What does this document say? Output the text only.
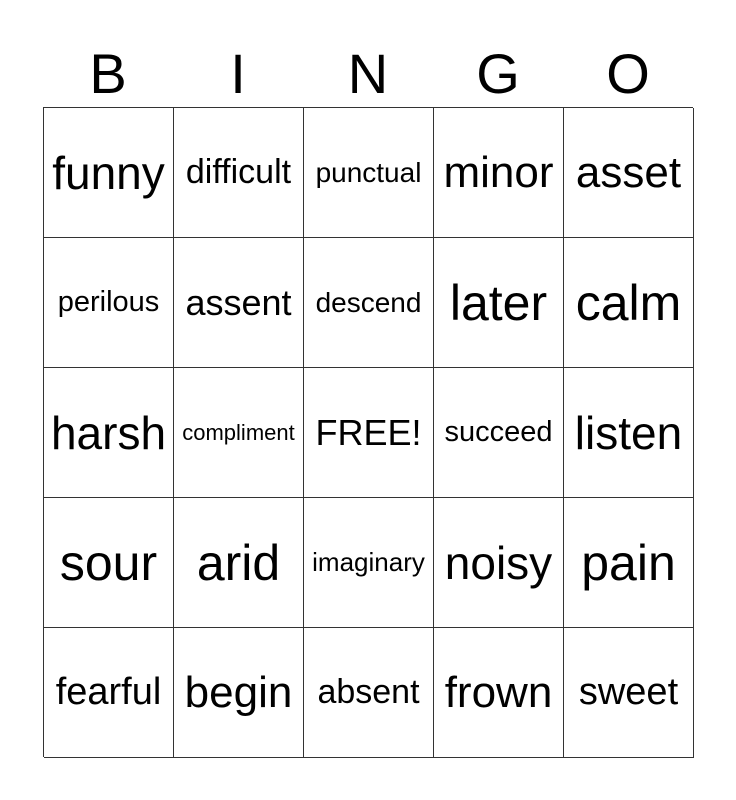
B	I	N	G	O
funny difficult punctual minor asset
perilous assent descend later calm
harsh compliment FREE! succeed listen
sour arid imaginary noisy pain
fearful begin absent frown sweet
